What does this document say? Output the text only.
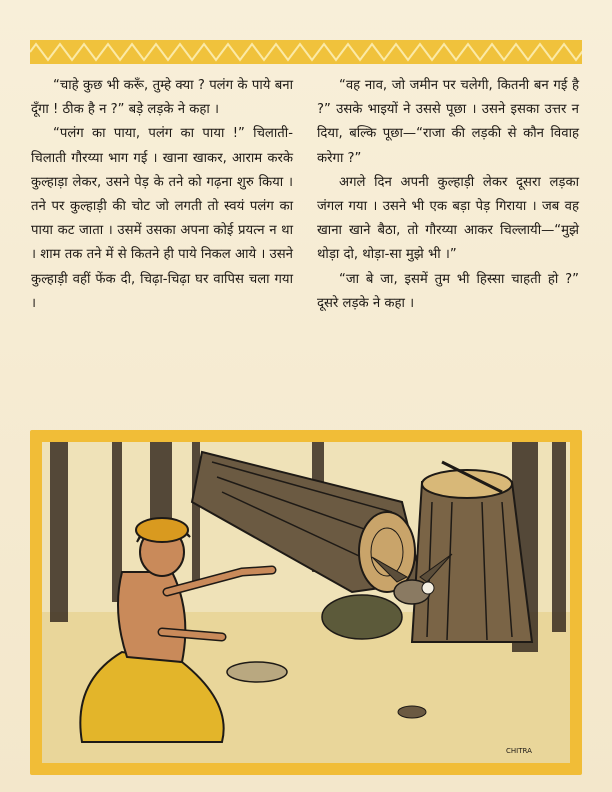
“चाहे कुछ भी करूँ, तुम्हे क्या ? पलंग के पाये बना दूँगा ! ठीक है न ?” बड़े लड़के ने कहा ।

“पलंग का पाया, पलंग का पाया !” चिलाती-चिलाती गौरय्या भाग गई । खाना खाकर, आराम करके कुल्हाड़ा लेकर, उसने पेड़ के तने को गढ़ना शुरु किया । तने पर कुल्हाड़ी की चोट जो लगती तो स्वयं पलंग का पाया कट जाता । उसमें उसका अपना कोई प्रयत्न न था । शाम तक तने में से कितने ही पाये निकल आये । उसने कुल्हाड़ी वहीं फेंक दी, चिढ़ा-चिढ़ा घर वापिस चला गया ।

“वह नाव, जो जमीन पर चलेगी, कितनी बन गई है ?” उसके भाइयों ने उससे पूछा । उसने इसका उत्तर न दिया, बल्कि पूछा—“राजा की लड़की से कौन विवाह करेगा ?”

अगले दिन अपनी कुल्हाड़ी लेकर दूसरा लड़का जंगल गया । उसने भी एक बड़ा पेड़ गिराया । जब वह खाना खाने बैठा, तो गौरय्या आकर चिल्लायी—“मुझे थोड़ा दो, थोड़ा-सा मुझे भी ।”

“जा बे जा, इसमें तुम भी हिस्सा चाहती हो ?” दूसरे लड़के ने कहा ।

CHITRA
